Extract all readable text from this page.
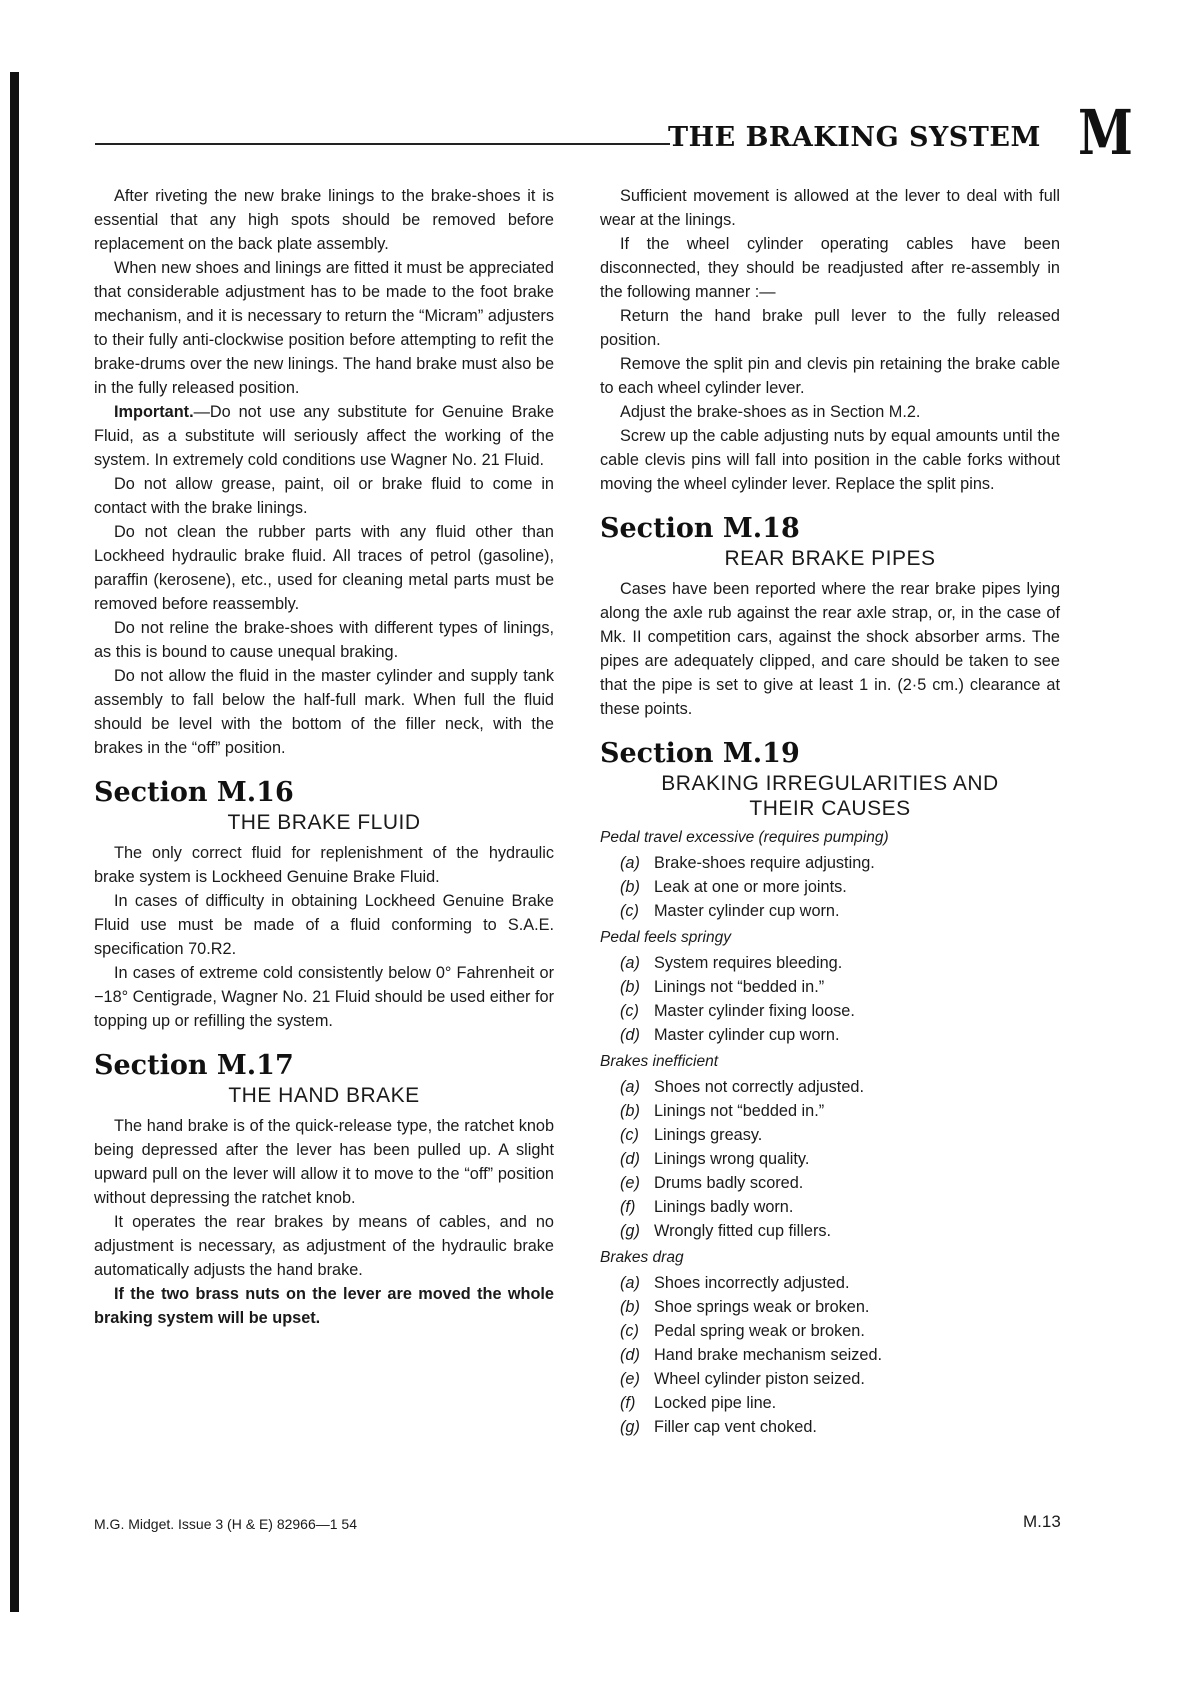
THE BRAKING SYSTEM M

After riveting the new brake linings to the brake-shoes it is essential that any high spots should be removed before replacement on the back plate assembly.

When new shoes and linings are fitted it must be appreciated that considerable adjustment has to be made to the foot brake mechanism, and it is necessary to return the “Micram” adjusters to their fully anti-clockwise position before attempting to refit the brake-drums over the new linings. The hand brake must also be in the fully released position.

Important.—Do not use any substitute for Genuine Brake Fluid, as a substitute will seriously affect the working of the system. In extremely cold conditions use Wagner No. 21 Fluid.

Do not allow grease, paint, oil or brake fluid to come in contact with the brake linings.

Do not clean the rubber parts with any fluid other than Lockheed hydraulic brake fluid. All traces of petrol (gasoline), paraffin (kerosene), etc., used for cleaning metal parts must be removed before reassembly.

Do not reline the brake-shoes with different types of linings, as this is bound to cause unequal braking.

Do not allow the fluid in the master cylinder and supply tank assembly to fall below the half-full mark. When full the fluid should be level with the bottom of the filler neck, with the brakes in the “off” position.

Section M.16
THE BRAKE FLUID

The only correct fluid for replenishment of the hydraulic brake system is Lockheed Genuine Brake Fluid.

In cases of difficulty in obtaining Lockheed Genuine Brake Fluid use must be made of a fluid conforming to S.A.E. specification 70.R2.

In cases of extreme cold consistently below 0° Fahrenheit or −18° Centigrade, Wagner No. 21 Fluid should be used either for topping up or refilling the system.

Section M.17
THE HAND BRAKE

The hand brake is of the quick-release type, the ratchet knob being depressed after the lever has been pulled up. A slight upward pull on the lever will allow it to move to the “off” position without depressing the ratchet knob.

It operates the rear brakes by means of cables, and no adjustment is necessary, as adjustment of the hydraulic brake automatically adjusts the hand brake.

If the two brass nuts on the lever are moved the whole braking system will be upset.

Sufficient movement is allowed at the lever to deal with full wear at the linings.

If the wheel cylinder operating cables have been disconnected, they should be readjusted after re-assembly in the following manner :—

Return the hand brake pull lever to the fully released position.

Remove the split pin and clevis pin retaining the brake cable to each wheel cylinder lever.

Adjust the brake-shoes as in Section M.2.

Screw up the cable adjusting nuts by equal amounts until the cable clevis pins will fall into position in the cable forks without moving the wheel cylinder lever. Replace the split pins.

Section M.18
REAR BRAKE PIPES

Cases have been reported where the rear brake pipes lying along the axle rub against the rear axle strap, or, in the case of Mk. II competition cars, against the shock absorber arms. The pipes are adequately clipped, and care should be taken to see that the pipe is set to give at least 1 in. (2·5 cm.) clearance at these points.

Section M.19
BRAKING IRREGULARITIES AND
THEIR CAUSES
Pedal travel excessive (requires pumping)
(a) Brake-shoes require adjusting.
(b) Leak at one or more joints.
(c) Master cylinder cup worn.
Pedal feels springy
(a) System requires bleeding.
(b) Linings not “bedded in.”
(c) Master cylinder fixing loose.
(d) Master cylinder cup worn.
Brakes inefficient
(a) Shoes not correctly adjusted.
(b) Linings not “bedded in.”
(c) Linings greasy.
(d) Linings wrong quality.
(e) Drums badly scored.
(f) Linings badly worn.
(g) Wrongly fitted cup fillers.
Brakes drag
(a) Shoes incorrectly adjusted.
(b) Shoe springs weak or broken.
(c) Pedal spring weak or broken.
(d) Hand brake mechanism seized.
(e) Wheel cylinder piston seized.
(f) Locked pipe line.
(g) Filler cap vent choked.
M.G. Midget. Issue 3 (H & E) 82966—1 54	M.13
